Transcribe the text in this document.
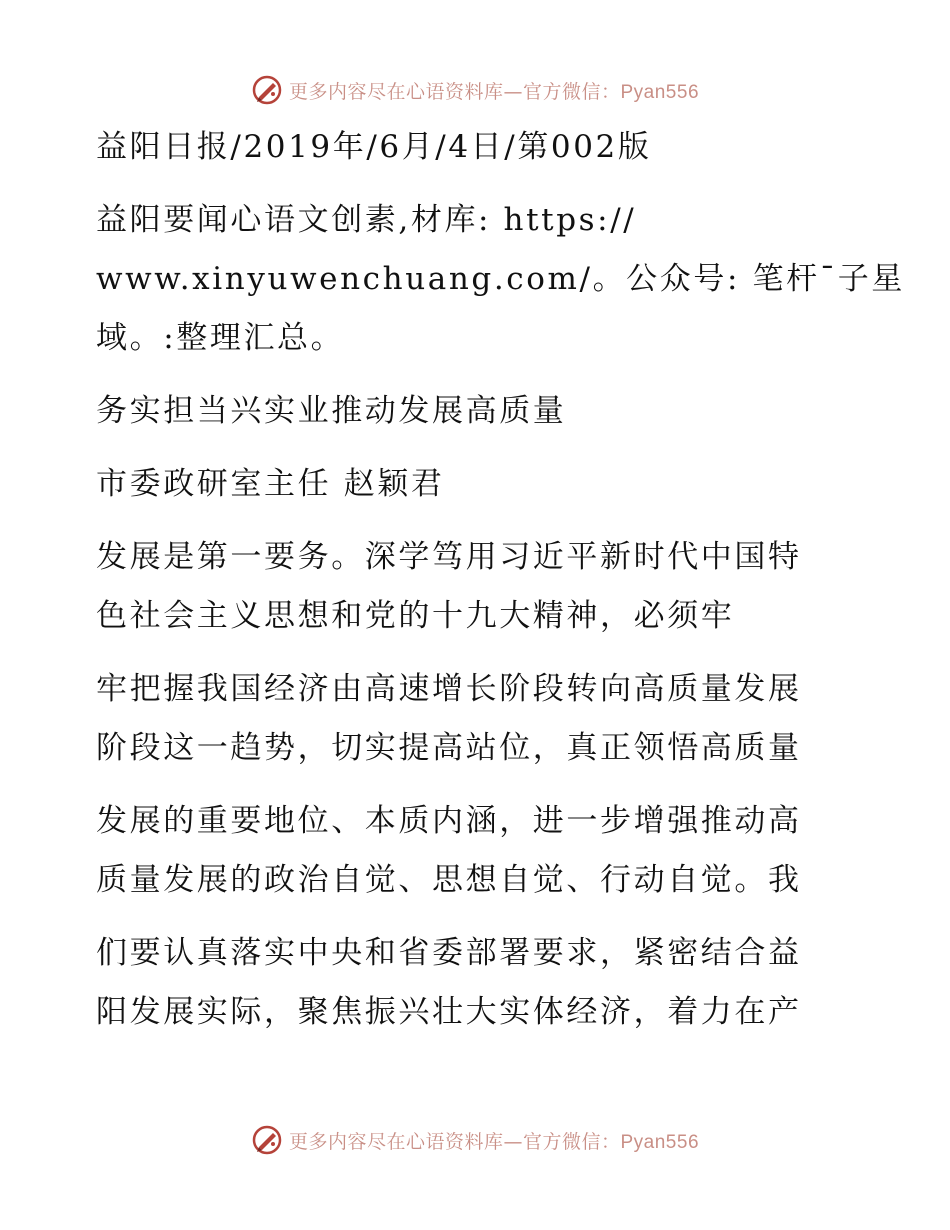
更多内容尽在心语资料库—官方微信：Pyan556
益阳日报/2019年/6月/4日/第002版
益阳要闻心语文创素,材库: https://
www.xinyuwenchuang.com/。公众号: 笔杆¯子星
域。:整理汇总。
务实担当兴实业推动发展高质量
市委政研室主任 赵颖君
发展是第一要务。深学笃用习近平新时代中国特
色社会主义思想和党的十九大精神，必须牢
牢把握我国经济由高速增长阶段转向高质量发展
阶段这一趋势，切实提高站位，真正领悟高质量
发展的重要地位、本质内涵，进一步增强推动高
质量发展的政治自觉、思想自觉、行动自觉。我
们要认真落实中央和省委部署要求，紧密结合益
阳发展实际，聚焦振兴壮大实体经济，着力在产
更多内容尽在心语资料库—官方微信：Pyan556
